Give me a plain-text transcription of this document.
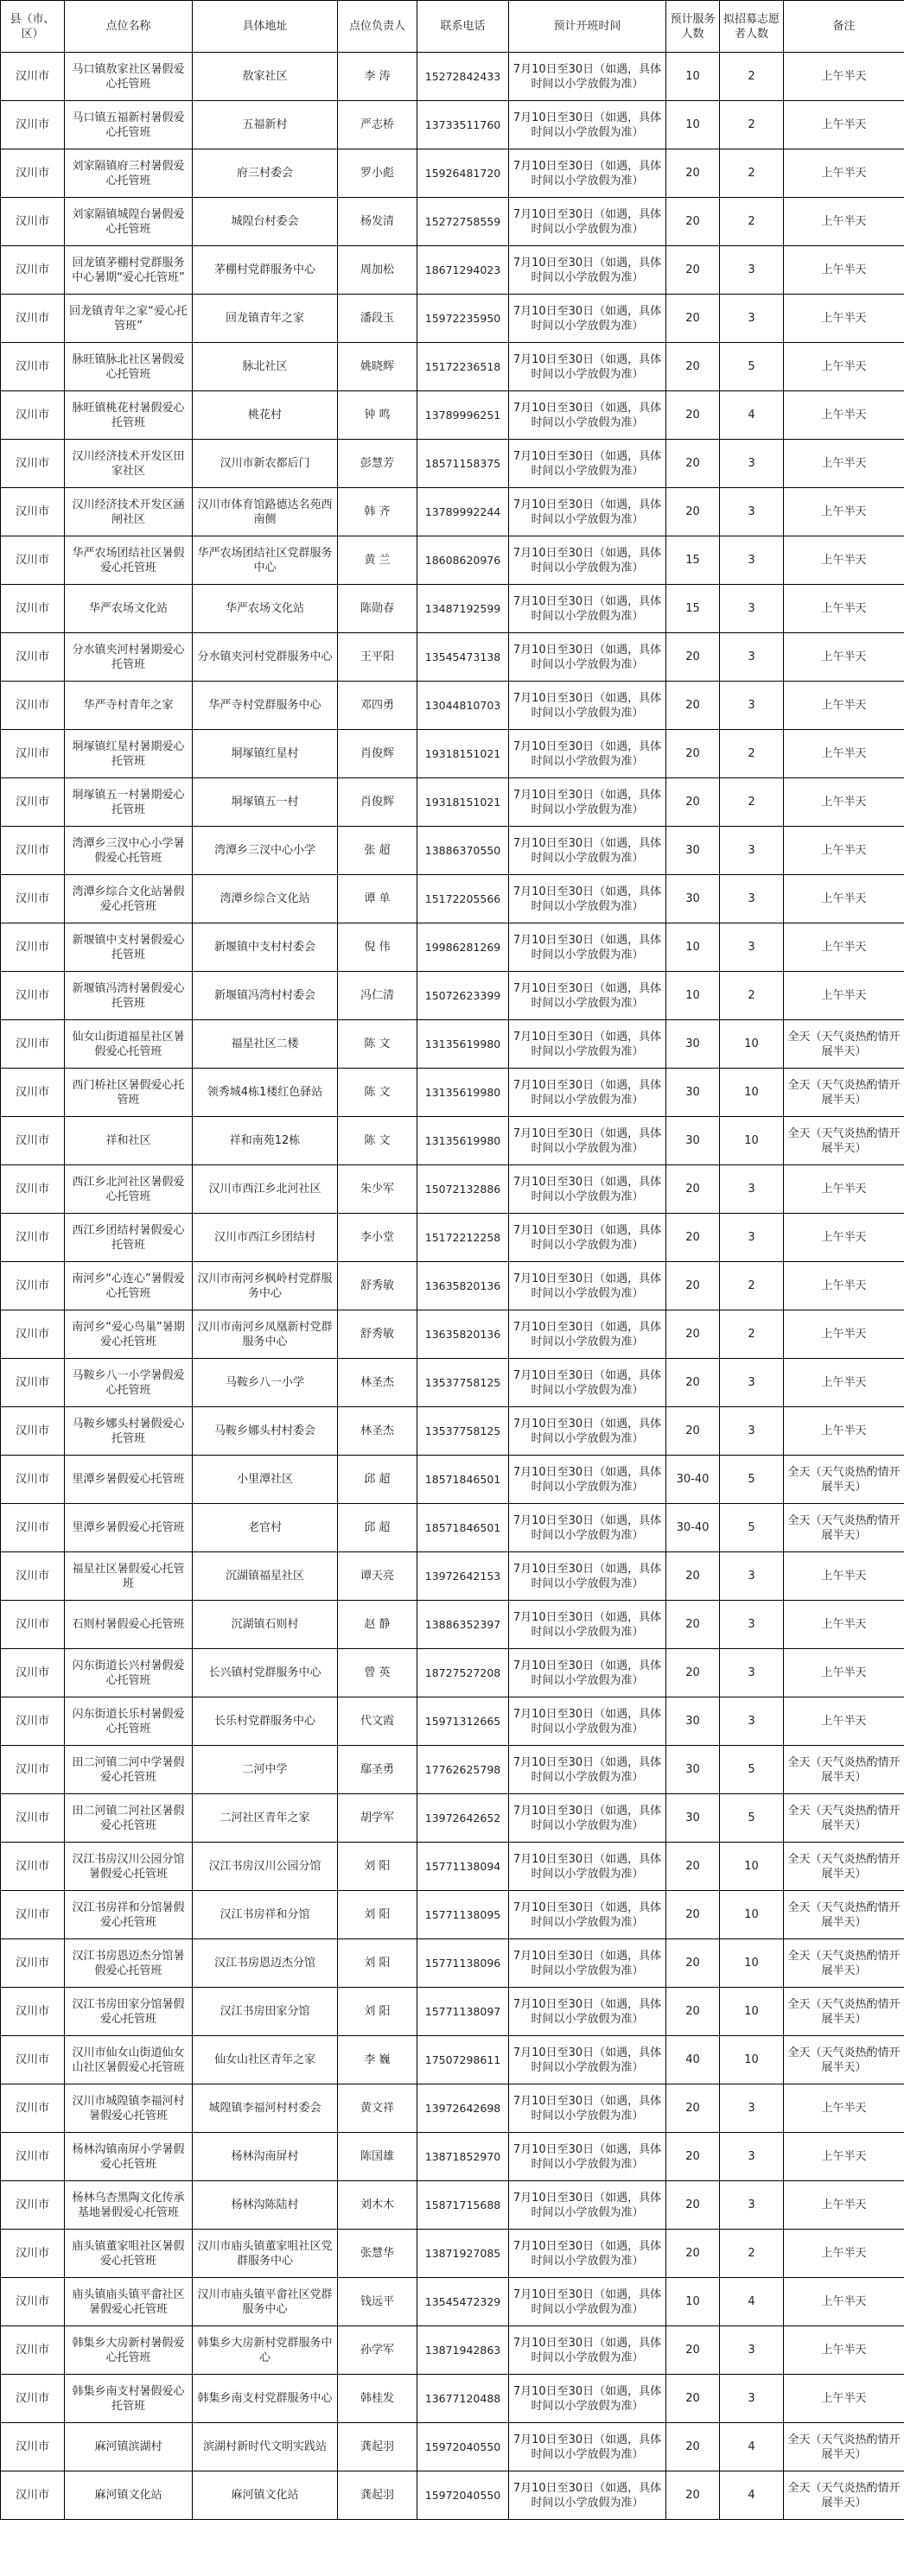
县（市、区）	点位名称	具体地址	点位负责人	联系电话	预计开班时间	预计服务人数	拟招募志愿者人数	备注
汉川市	马口镇敖家社区暑假爱心托管班	敖家社区	李 涛	15272842433	7月10日至30日（如遇，具体时间以小学放假为准）	10	2	上午半天
汉川市	马口镇五福新村暑假爱心托管班	五福新村	严志桥	13733511760	7月10日至30日（如遇，具体时间以小学放假为准）	10	2	上午半天
汉川市	刘家隔镇府三村暑假爱心托管班	府三村委会	罗小彪	15926481720	7月10日至30日（如遇，具体时间以小学放假为准）	20	2	上午半天
汉川市	刘家隔镇城隍台暑假爱心托管班	城隍台村委会	杨发清	15272758559	7月10日至30日（如遇，具体时间以小学放假为准）	20	2	上午半天
汉川市	回龙镇茅棚村党群服务中心暑期“爱心托管班”	茅棚村党群服务中心	周加松	18671294023	7月10日至30日（如遇，具体时间以小学放假为准）	20	3	上午半天
汉川市	回龙镇青年之家“爱心托管班”	回龙镇青年之家	潘段玉	15972235950	7月10日至30日（如遇，具体时间以小学放假为准）	20	3	上午半天
汉川市	脉旺镇脉北社区暑假爱心托管班	脉北社区	姚晓辉	15172236518	7月10日至30日（如遇，具体时间以小学放假为准）	20	5	上午半天
汉川市	脉旺镇桃花村暑假爱心托管班	桃花村	钟 鸣	13789996251	7月10日至30日（如遇，具体时间以小学放假为准）	20	4	上午半天
汉川市	汉川经济技术开发区田家社区	汉川市新农都后门	彭慧芳	18571158375	7月10日至30日（如遇，具体时间以小学放假为准）	20	3	上午半天
汉川市	汉川经济技术开发区涵闸社区	汉川市体育馆路德达名苑西南侧	韩 齐	13789992244	7月10日至30日（如遇，具体时间以小学放假为准）	20	3	上午半天
汉川市	华严农场团结社区暑假爱心托管班	华严农场团结社区党群服务中心	黄 兰	18608620976	7月10日至30日（如遇，具体时间以小学放假为准）	15	3	上午半天
汉川市	华严农场文化站	华严农场文化站	陈勋春	13487192599	7月10日至30日（如遇，具体时间以小学放假为准）	15	3	上午半天
汉川市	分水镇夹河村暑期爱心托管班	分水镇夹河村党群服务中心	王平阳	13545473138	7月10日至30日（如遇，具体时间以小学放假为准）	20	3	上午半天
汉川市	华严寺村青年之家	华严寺村党群服务中心	邓四勇	13044810703	7月10日至30日（如遇，具体时间以小学放假为准）	20	3	上午半天
汉川市	垌塚镇红星村暑期爱心托管班	垌塚镇红星村	肖俊辉	19318151021	7月10日至30日（如遇，具体时间以小学放假为准）	20	2	上午半天
汉川市	垌塚镇五一村暑期爱心托管班	垌塚镇五一村	肖俊辉	19318151021	7月10日至30日（如遇，具体时间以小学放假为准）	20	2	上午半天
汉川市	湾潭乡三汊中心小学暑假爱心托管班	湾潭乡三汊中心小学	张 超	13886370550	7月10日至30日（如遇，具体时间以小学放假为准）	30	3	上午半天
汉川市	湾潭乡综合文化站暑假爱心托管班	湾潭乡综合文化站	谭 单	15172205566	7月10日至30日（如遇，具体时间以小学放假为准）	30	3	上午半天
汉川市	新堰镇中支村暑假爱心托管班	新堰镇中支村村委会	倪 伟	19986281269	7月10日至30日（如遇，具体时间以小学放假为准）	10	3	上午半天
汉川市	新堰镇冯湾村暑假爱心托管班	新堰镇冯湾村村委会	冯仁清	15072623399	7月10日至30日（如遇，具体时间以小学放假为准）	10	2	上午半天
汉川市	仙女山街道福星社区暑假爱心托管班	福星社区二楼	陈 文	13135619980	7月10日至30日（如遇，具体时间以小学放假为准）	30	10	全天（天气炎热酌情开展半天）
汉川市	西门桥社区暑假爱心托管班	领秀城4栋1楼红色驿站	陈 文	13135619980	7月10日至30日（如遇，具体时间以小学放假为准）	30	10	全天（天气炎热酌情开展半天）
汉川市	祥和社区	祥和南苑12栋	陈 文	13135619980	7月10日至30日（如遇，具体时间以小学放假为准）	30	10	全天（天气炎热酌情开展半天）
汉川市	西江乡北河社区暑假爱心托管班	汉川市西江乡北河社区	朱少军	15072132886	7月10日至30日（如遇，具体时间以小学放假为准）	20	3	上午半天
汉川市	西江乡团结村暑假爱心托管班	汉川市西江乡团结村	李小堂	15172212258	7月10日至30日（如遇，具体时间以小学放假为准）	20	3	上午半天
汉川市	南河乡“心连心”暑假爱心托管班	汉川市南河乡枫岭村党群服务中心	舒秀敏	13635820136	7月10日至30日（如遇，具体时间以小学放假为准）	20	2	上午半天
汉川市	南河乡“爱心鸟巢”暑期爱心托管班	汉川市南河乡凤凰新村党群服务中心	舒秀敏	13635820136	7月10日至30日（如遇，具体时间以小学放假为准）	20	2	上午半天
汉川市	马鞍乡八一小学暑假爱心托管班	马鞍乡八一小学	林圣杰	13537758125	7月10日至30日（如遇，具体时间以小学放假为准）	20	3	上午半天
汉川市	马鞍乡娜头村暑假爱心托管班	马鞍乡娜头村村委会	林圣杰	13537758125	7月10日至30日（如遇，具体时间以小学放假为准）	20	3	上午半天
汉川市	里潭乡暑假爱心托管班	小里潭社区	邱 超	18571846501	7月10日至30日（如遇，具体时间以小学放假为准）	30-40	5	全天（天气炎热酌情开展半天）
汉川市	里潭乡暑假爱心托管班	老官村	邱 超	18571846501	7月10日至30日（如遇，具体时间以小学放假为准）	30-40	5	全天（天气炎热酌情开展半天）
汉川市	福星社区暑假爱心托管班	沉湖镇福星社区	谭天亮	13972642153	7月10日至30日（如遇，具体时间以小学放假为准）	20	3	上午半天
汉川市	石则村暑假爱心托管班	沉湖镇石则村	赵 静	13886352397	7月10日至30日（如遇，具体时间以小学放假为准）	20	3	上午半天
汉川市	闪东街道长兴村暑假爱心托管班	长兴镇村党群服务中心	曾 英	18727527208	7月10日至30日（如遇，具体时间以小学放假为准）	20	3	上午半天
汉川市	闪东街道长乐村暑假爱心托管班	长乐村党群服务中心	代文霞	15971312665	7月10日至30日（如遇，具体时间以小学放假为准）	30	3	上午半天
汉川市	田二河镇二河中学暑假爱心托管班	二河中学	鄢圣勇	17762625798	7月10日至30日（如遇，具体时间以小学放假为准）	30	5	全天（天气炎热酌情开展半天）
汉川市	田二河镇二河社区暑假爱心托管班	二河社区青年之家	胡学军	13972642652	7月10日至30日（如遇，具体时间以小学放假为准）	30	5	全天（天气炎热酌情开展半天）
汉川市	汉江书房汉川公园分馆暑假爱心托管班	汉江书房汉川公园分馆	刘 阳	15771138094	7月10日至30日（如遇，具体时间以小学放假为准）	20	10	全天（天气炎热酌情开展半天）
汉川市	汉江书房祥和分馆暑假爱心托管班	汉江书房祥和分馆	刘 阳	15771138095	7月10日至30日（如遇，具体时间以小学放假为准）	20	10	全天（天气炎热酌情开展半天）
汉川市	汉江书房恩迈杰分馆暑假爱心托管班	汉江书房恩迈杰分馆	刘 阳	15771138096	7月10日至30日（如遇，具体时间以小学放假为准）	20	10	全天（天气炎热酌情开展半天）
汉川市	汉江书房田家分馆暑假爱心托管班	汉江书房田家分馆	刘 阳	15771138097	7月10日至30日（如遇，具体时间以小学放假为准）	20	10	全天（天气炎热酌情开展半天）
汉川市	汉川市仙女山街道仙女山社区暑假爱心托管班	仙女山社区青年之家	李 巍	17507298611	7月10日至30日（如遇，具体时间以小学放假为准）	40	10	全天（天气炎热酌情开展半天）
汉川市	汉川市城隍镇李福河村暑假爱心托管班	城隍镇李福河村村委会	黄文祥	13972642698	7月10日至30日（如遇，具体时间以小学放假为准）	20	3	上午半天
汉川市	杨林沟镇南屏小学暑假爱心托管班	杨林沟南屏村	陈国雄	13871852970	7月10日至30日（如遇，具体时间以小学放假为准）	20	3	上午半天
汉川市	杨林乌杏黑陶文化传承基地暑假爱心托管班	杨林沟陈陆村	刘木木	15871715688	7月10日至30日（如遇，具体时间以小学放假为准）	20	3	上午半天
汉川市	庙头镇董家咀社区暑假爱心托管班	汉川市庙头镇董家咀社区党群服务中心	张慧华	13871927085	7月10日至30日（如遇，具体时间以小学放假为准）	20	2	上午半天
汉川市	庙头镇庙头镇平畲社区暑假爱心托管班	汉川市庙头镇平畲社区党群服务中心	钱远平	13545472329	7月10日至30日（如遇，具体时间以小学放假为准）	10	4	上午半天
汉川市	韩集乡大房新村暑假爱心托管班	韩集乡大房新村党群服务中心	孙学军	13871942863	7月10日至30日（如遇，具体时间以小学放假为准）	20	3	上午半天
汉川市	韩集乡南支村暑假爱心托管班	韩集乡南支村党群服务中心	韩桂发	13677120488	7月10日至30日（如遇，具体时间以小学放假为准）	20	3	上午半天
汉川市	麻河镇滨湖村	滨湖村新时代文明实践站	龚起羽	15972040550	7月10日至30日（如遇，具体时间以小学放假为准）	20	4	全天（天气炎热酌情开展半天）
汉川市	麻河镇文化站	麻河镇文化站	龚起羽	15972040550	7月10日至30日（如遇，具体时间以小学放假为准）	20	4	全天（天气炎热酌情开展半天）
